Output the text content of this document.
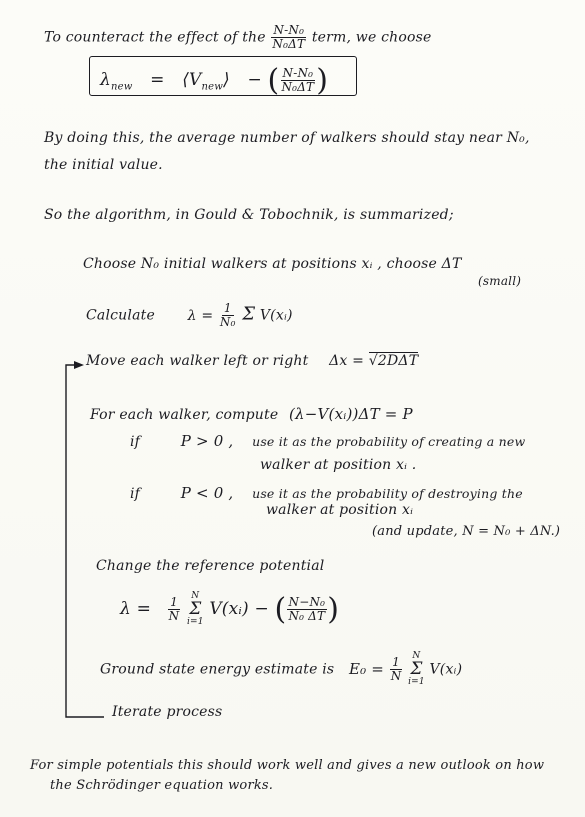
To counteract the effect of the $\frac{\text{N-N₀}}{\text{N₀ΔT}}$ term, we choose
$\lambda_{new}$ = $⟨V_{new}⟩$ − ( $\frac{\text{N-N₀}}{\text{N₀ΔT}}$ )
By doing this, the average number of walkers should stay near N₀,
the initial value.
So the algorithm, in Gould & Tobochnik, is summarized;
Choose N₀ initial walkers at positions xᵢ , choose ΔT
(small)
Calculate $\lambda = \frac{1}{\text{N₀}}$ Σ V(xᵢ)
Move each walker left or right Δx = √2DΔT
For each walker, compute (λ−V(xᵢ))ΔT = P
if	P > 0 , use it as the probability of creating a new
walker at position xᵢ .
if	P < 0 , use it as the probability of destroying the
walker at position xᵢ
(and update, N = N₀ + ΔN.)
Change the reference potential
$\lambda = \frac{1}{N}$
N
Σ
i=1
V(xᵢ) − ( $\frac{\text{N−N₀}}{\text{N₀ ΔT}}$ )
Ground state energy estimate is $E_0 = \frac{1}{N}$
N
Σ
i=1
V(xᵢ)
Iterate process
For simple potentials this should work well and gives a new outlook on how
the Schrödinger equation works.
